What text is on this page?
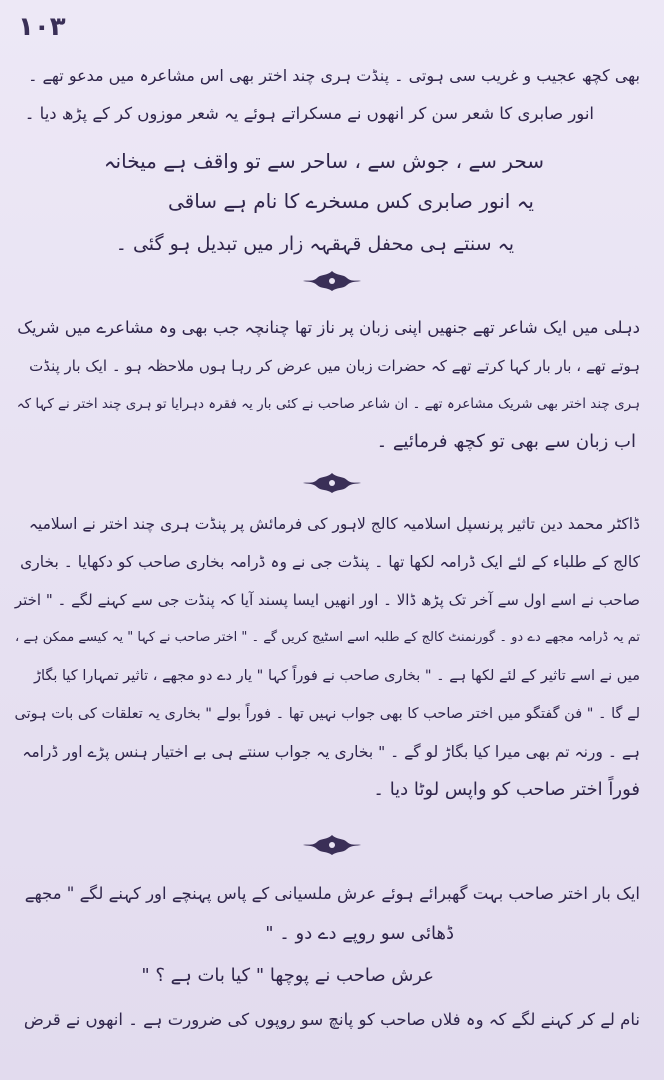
۱۰۳
بھی کچھ عجیب و غریب سی ہوتی ۔ پنڈت ہری چند اختر بھی اس مشاعرہ میں مدعو تھے ۔
انور صابری کا شعر سن کر انھوں نے مسکراتے ہوئے یہ شعر موزوں کر کے پڑھ دیا ۔
سحر سے ، جوش سے ، ساحر سے تو واقف ہے میخانہ
یہ انور صابری کس مسخرے کا نام ہے ساقی
یہ سنتے ہی محفل قہقہہ زار میں تبدیل ہو گئی ۔
دہلی میں ایک شاعر تھے جنھیں اپنی زبان پر ناز تھا چنانچہ جب بھی وہ مشاعرے میں شریک
ہوتے تھے ، بار بار کہا کرتے تھے کہ حضرات زبان میں عرض کر رہا ہوں ملاحظہ ہو ۔ ایک بار پنڈت
ہری چند اختر بھی شریک مشاعرہ تھے ۔ ان شاعر صاحب نے کئی بار یہ فقرہ دہرایا تو ہری چند اختر نے کہا کہ
اب زبان سے بھی تو کچھ فرمائیے ۔
ڈاکٹر محمد دین تاثیر پرنسپل اسلامیہ کالج لاہور کی فرمائش پر پنڈت ہری چند اختر نے اسلامیہ
کالج کے طلباء کے لئے ایک ڈرامہ لکھا تھا ۔ پنڈت جی نے وہ ڈرامہ بخاری صاحب کو دکھایا ۔ بخاری
صاحب نے اسے اول سے آخر تک پڑھ ڈالا ۔ اور انھیں ایسا پسند آیا کہ پنڈت جی سے کہنے لگے ۔ " اختر
تم یہ ڈرامہ مجھے دے دو ۔ گورنمنٹ کالج کے طلبہ اسے اسٹیج کریں گے ۔ " اختر صاحب نے کہا " یہ کیسے ممکن ہے ،
میں نے اسے تاثیر کے لئے لکھا ہے ۔ " بخاری صاحب نے فوراً کہا " یار دے دو مجھے ، تاثیر تمہارا کیا بگاڑ
لے گا ۔ " فن گفتگو میں اختر صاحب کا بھی جواب نہیں تھا ۔ فوراً بولے " بخاری یہ تعلقات کی بات ہوتی
ہے ۔ ورنہ تم بھی میرا کیا بگاڑ لو گے ۔ " بخاری یہ جواب سنتے ہی بے اختیار ہنس پڑے اور ڈرامہ
فوراً اختر صاحب کو واپس لوٹا دیا ۔
ایک بار اختر صاحب بہت گھبرائے ہوئے عرش ملسیانی کے پاس پہنچے اور کہنے لگے " مجھے
ڈھائی سو روپے دے دو ۔ "
عرش صاحب نے پوچھا " کیا بات ہے ؟ "
نام لے کر کہنے لگے کہ وہ فلاں صاحب کو پانچ سو روپوں کی ضرورت ہے ۔ انھوں نے قرض
